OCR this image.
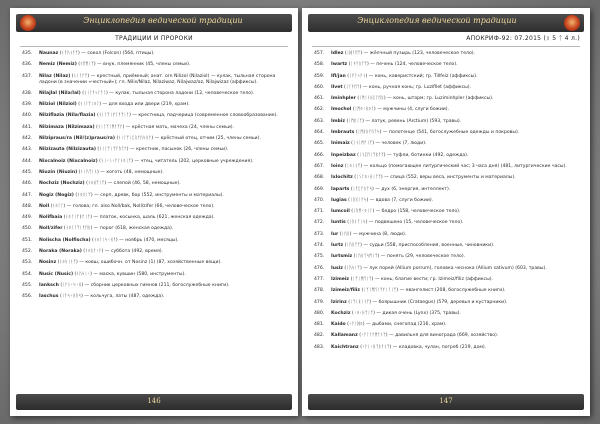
Энциклопедия ведической традиции
ТРАДИЦИИ И ПРОРОКИ
435.	Naunaz (ᚾᚨᚢᚾᚨᛉ) — сокол (Folcon) (564, птицы).
436.	Nemiz (Nemiz) (ᚾᛖᛗᛁᛉ) — внук, племянник (45, члены семьи).
437.	Nilaz (Nilaz) (ᚾᛁᛚᚨᛉ) — крестный, приёмный; анат. orn Nilizol (Nilaziol) — кулак, тыльная сторона ладони (в значении «честный»); гл. Nilis/Nilaz, Nilaziwaz, Nilajwaz/az, Nilajwizaz (аффиксы).
438.	Nilajlal (Nila/lal) (ᚾᛁᛚᚨᛃᛚᚨᛚ) — кулак, тыльная сторона ладони (12, человеческое тело).
439.	Nilziol (Nilziol) (ᚾᛁᛚᛉᛁᛟᛚ) — для входа или двери (219, храм).
440.	Nilziflazia (Nila/flazia) (ᚾᛁᛚᛉᛁᚠᛚᚨᛉᛁᚨ) — крестница, падчерица (современное словообразование).
441.	Nilzimaza (Nilzimaza) (ᚾᛁᛚᛉᛁᛗᚨᛉᚨ) — крёстная мать, мачеха (24, члены семьи).
442.	Nilzipraus/ra (Nil/(z)praus/ra) (ᚾᛁᛚᛉᛁᛈᚱᚨᚢᛋᚱᚨ) — крёстный отец, отчим (25, члены семьи).
443.	Nilzizauta (Nilzizauta) (ᚾᛁᛚᛉᛁᛉᚨᚢᛏᚨ) — крестник, пасынок (26, члены семьи).
444.	Nixcalnoiz (Nixcalnoiz) (ᚾᛁᚲᛊᚲᚨᛚᚾᛟᛁᛉ) — чтец, читатель (202, церковные учреждения).
445.	Niuzin (Niuzin) (ᚾᛁᚢᛉᛁᚾ) — коготь (48, немощные).
446.	Nochziz (Nochziz) (ᚾᛟᚺᛉᛁᛉ) — слепой (46, 58, немощные).
447.	Nogiz (Nogiz) (ᚾᛟᚷᛁᛉ) — серп, древк, бор (552, инструменты и материалы).
448.	Noll (ᚾᛟᛚᛚ) — голова; гл. also Noll/bak, Noll/zifer (66, человеческое тело).
449.	Nolifbaia (ᚾᛟᛚᛁᚠᛒᚨᛁᚨ) — платок, косынка, шаль (621, женская одежда).
450.	Noll/zifer (ᚾᛟᛚᛚᛉᛁᚠᛖᚱ) — порог (618, женская одежда).
451.	Nolischa (Nolfischa) (ᚾᛟᛚᛁᛋᚲᚺᚨ) — ноябрь (470, месяцы).
452.	Noraka (Noraka) (ᚾᛟᚱᚨᚲᚨ) — суббота (492, время).
453.	Nosinz (ᚾᛟᛋᛁᚾᛉ) — ковш, ошибочн. от Nosinz (1) (87, хозяйственные вещи).
454.	Nusic (Nusic) (ᚾᚢᛋᛁᚲ) — маска, кувшин (580, инструменты).
455.	Ianksch (ᛁᚨᚾᚲᛋᚲᚺ) — сборник церковных гимнов (211, богослужебные книги).
456.	Iaschus (ᛁᚨᛋᚲᚺᚢᛋ) — кольчуга, латы (487, одежда).
146
Энциклопедия ведической традиции
АПОКРИФ-92: 07.2015 (ᛟ 5 ᛏ 4 л.)
457.	Idlez (ᛁᛞᛚᛖᛉ) — жёлчный пузырь (123, человеческое тело).
458.	Iwartz (ᛁᚹᚨᚱᛏᛉ) — печень (124, человеческое тело).
459.	Ifl/jan (ᛁᚠᛚᛃᚨᚾ) — конь, каверистский; гр. Tillfeiz (аффиксы).
460.	Ilvet (ᛁᛚᚹᛖᛏ) — конь, ручная конь; гр. Luzifllet (аффиксы).
461.	Iminhpler (ᛁᛗᛁᚾᚺᛈᛚᛖᚱ) — конь, шторм; гр. Luziminhpler (аффиксы).
462.	Imochol (ᛁᛗᛟᚲᚺᛟᛚ) — мужчины (4, слуги божии).
463.	Imbiz (ᛁᛗᛒᛁᛉ) — латук, ревень (Arctium) (593, травы).
464.	Imbrauts (ᛁᛗᛒᚱᚨᚢᛏᛋ) — полотенце (541, богослужебные одежды и покровы).
465.	Inimaiz (ᛁᚾᛁᛗᚨᛁᛉ) — человек (7, люди).
466.	Inpeizbaz (ᛁᚾᛈᛖᛁᛉᛒᚨᛉ) — туфли, ботинки (492, одежда).
467.	Ioinz (ᛁᛟᛁᚾᛉ) — кольцо (помогающее литургический час; 3 часа дня) (481, литургические часы).
468.	Ixlochitz (ᛁᛊᛚᛟᚲᚺᛁᛏᛉ) — спица (552, веры веса, инструменты и материалы).
469.	Iaparts (ᛁᚨᛈᚨᚱᛏᛋ) — дух (6, энергия, интеллект).
470.	Iugias (ᛁᚢᚷᛁᚨᛋ) — вдова (7, слуги божии).
471.	Iumcoil (ᛁᚢᛗᚲᛟᛁᛚ) — бедро (158, человеческое тело).
472.	Iuntis (ᛁᚢᚾᛏᛁᛋ) — подвешено (15, человеческое тело).
473.	Iur (ᛁᚢᚱ) — мужчина (8, люди).
474.	Iurtz (ᛁᚢᚱᛏᛉ) — судьи (558, приспособления, военные, чиновники).
475.	Iurtsmiz (ᛁᚢᚱᛏᛋᛗᛁᛉ) — понять (29, человеческое тело).
476.	Iusiz (ᛁᚢᛋᛁᛉ) — лук порей (Allium porrum), головка чеснока (Allium sativum) (603, травы).
477.	Izimeiz (ᛁᛉᛁᛗᛖᛁᛉ) — конь, благие вести; гр. Izimeiz/filiz (аффиксы).
478.	Izimeiz/filiz (ᛁᛉᛁᛗᛖᛁᛉᚠᛁᛚᛁᛉ) — евангелист (208, богослужебные книги).
479.	Izirinz (ᛁᛉᛁᚱᛁᚾᛉ) — боярышник (Crataegus) (579, деревья и кустарники).
480.	Kochziz (ᚲᛟᚲᚺᛉᛁᛉ) — дикая очень (Lynx) (375, травы).
481.	Kaido (ᚲᚨᛁᛞᛟ) — дыбами, снегопад (216, храм).
482.	Kallamanz (ᚲᚨᛚᛚᚨᛗᚨᚾᛉ) — давильня для винограда (669, хозяйство).
483.	Kaichtranz (ᚲᚨᛁᚲᚺᛏᚱᚨᚾᛉ) — кладовка, чулан, погреб (219, дом).
147
